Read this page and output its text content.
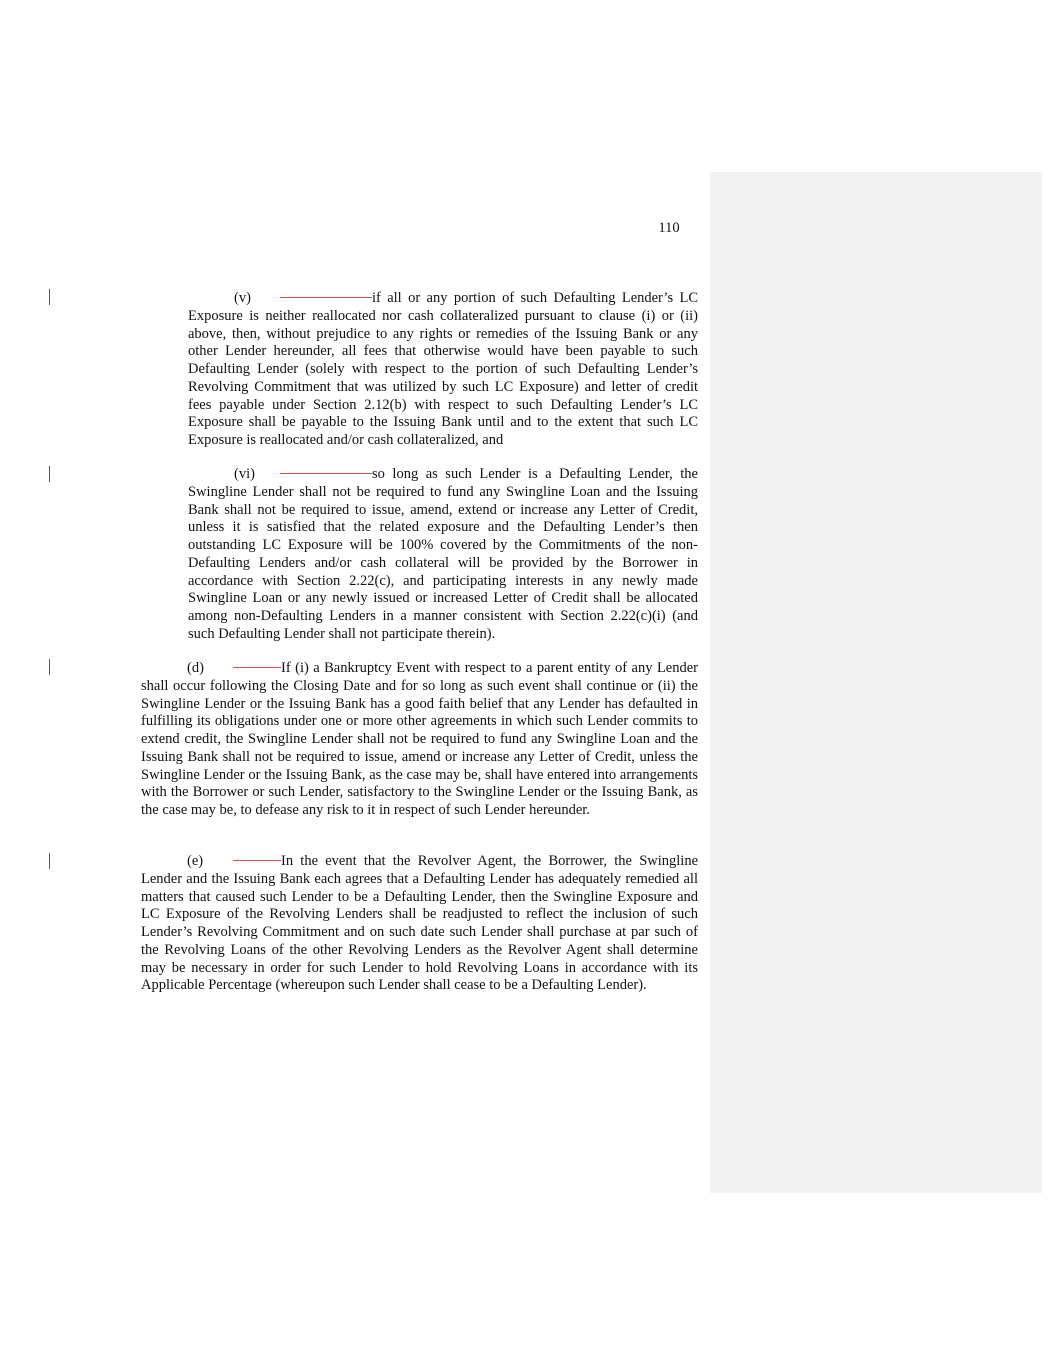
110
(v)	if all or any portion of such Defaulting Lender’s LC Exposure is neither reallocated nor cash collateralized pursuant to clause (i) or (ii) above, then, without prejudice to any rights or remedies of the Issuing Bank or any other Lender hereunder, all fees that otherwise would have been payable to such Defaulting Lender (solely with respect to the portion of such Defaulting Lender’s Revolving Commitment that was utilized by such LC Exposure) and letter of credit fees payable under Section 2.12(b) with respect to such Defaulting Lender’s LC Exposure shall be payable to the Issuing Bank until and to the extent that such LC Exposure is reallocated and/or cash collateralized, and
(vi)	so long as such Lender is a Defaulting Lender, the Swingline Lender shall not be required to fund any Swingline Loan and the Issuing Bank shall not be required to issue, amend, extend or increase any Letter of Credit, unless it is satisfied that the related exposure and the Defaulting Lender’s then outstanding LC Exposure will be 100% covered by the Commitments of the non-Defaulting Lenders and/or cash collateral will be provided by the Borrower in accordance with Section 2.22(c), and participating interests in any newly made Swingline Loan or any newly issued or increased Letter of Credit shall be allocated among non-Defaulting Lenders in a manner consistent with Section 2.22(c)(i) (and such Defaulting Lender shall not participate therein).
(d)	If (i) a Bankruptcy Event with respect to a parent entity of any Lender shall occur following the Closing Date and for so long as such event shall continue or (ii) the Swingline Lender or the Issuing Bank has a good faith belief that any Lender has defaulted in fulfilling its obligations under one or more other agreements in which such Lender commits to extend credit, the Swingline Lender shall not be required to fund any Swingline Loan and the Issuing Bank shall not be required to issue, amend or increase any Letter of Credit, unless the Swingline Lender or the Issuing Bank, as the case may be, shall have entered into arrangements with the Borrower or such Lender, satisfactory to the Swingline Lender or the Issuing Bank, as the case may be, to defease any risk to it in respect of such Lender hereunder.
(e)	In the event that the Revolver Agent, the Borrower, the Swingline Lender and the Issuing Bank each agrees that a Defaulting Lender has adequately remedied all matters that caused such Lender to be a Defaulting Lender, then the Swingline Exposure and LC Exposure of the Revolving Lenders shall be readjusted to reflect the inclusion of such Lender’s Revolving Commitment and on such date such Lender shall purchase at par such of the Revolving Loans of the other Revolving Lenders as the Revolver Agent shall determine may be necessary in order for such Lender to hold Revolving Loans in accordance with its Applicable Percentage (whereupon such Lender shall cease to be a Defaulting Lender).
